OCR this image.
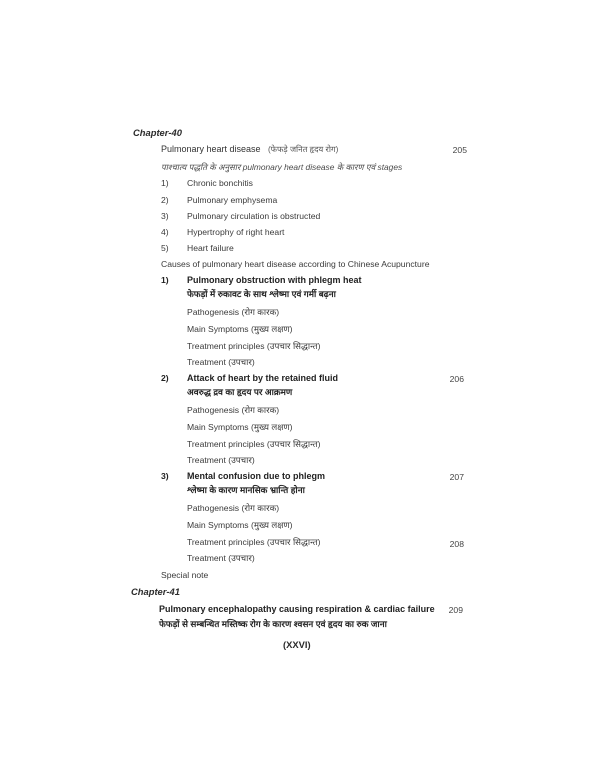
Chapter-40
Pulmonary heart disease (फेफड़े जनित हृदय रोग)	205
पाश्चात्य पद्धति के अनुसार pulmonary heart disease के कारण एवं stages
1) Chronic bonchitis
2) Pulmonary emphysema
3) Pulmonary circulation is obstructed
4) Hypertrophy of right heart
5) Heart failure
Causes of pulmonary heart disease according to Chinese Acupuncture
1) Pulmonary obstruction with phlegm heat
फेफड़ों में रुकावट के साथ श्लेष्मा एवं गर्मी बढ़ना
Pathogenesis (रोग कारक)
Main Symptoms (मुख्य लक्षण)
Treatment principles (उपचार सिद्धान्त)
Treatment (उपचार)
2) Attack of heart by the retained fluid	206
अवरुद्ध द्रव का हृदय पर आक्रमण
Pathogenesis (रोग कारक)
Main Symptoms (मुख्य लक्षण)
Treatment principles (उपचार सिद्धान्त)
Treatment (उपचार)
3) Mental confusion due to phlegm	207
श्लेष्मा के कारण मानसिक भ्रान्ति होना
Pathogenesis (रोग कारक)
Main Symptoms (मुख्य लक्षण)
Treatment principles (उपचार सिद्धान्त)	208
Treatment (उपचार)
Special note
Chapter-41
Pulmonary encephalopathy causing respiration & cardiac failure	209
फेफड़ों से सम्बन्धित मस्तिष्क रोग के कारण श्वसन एवं हृदय का रुक जाना
(XXVI)
